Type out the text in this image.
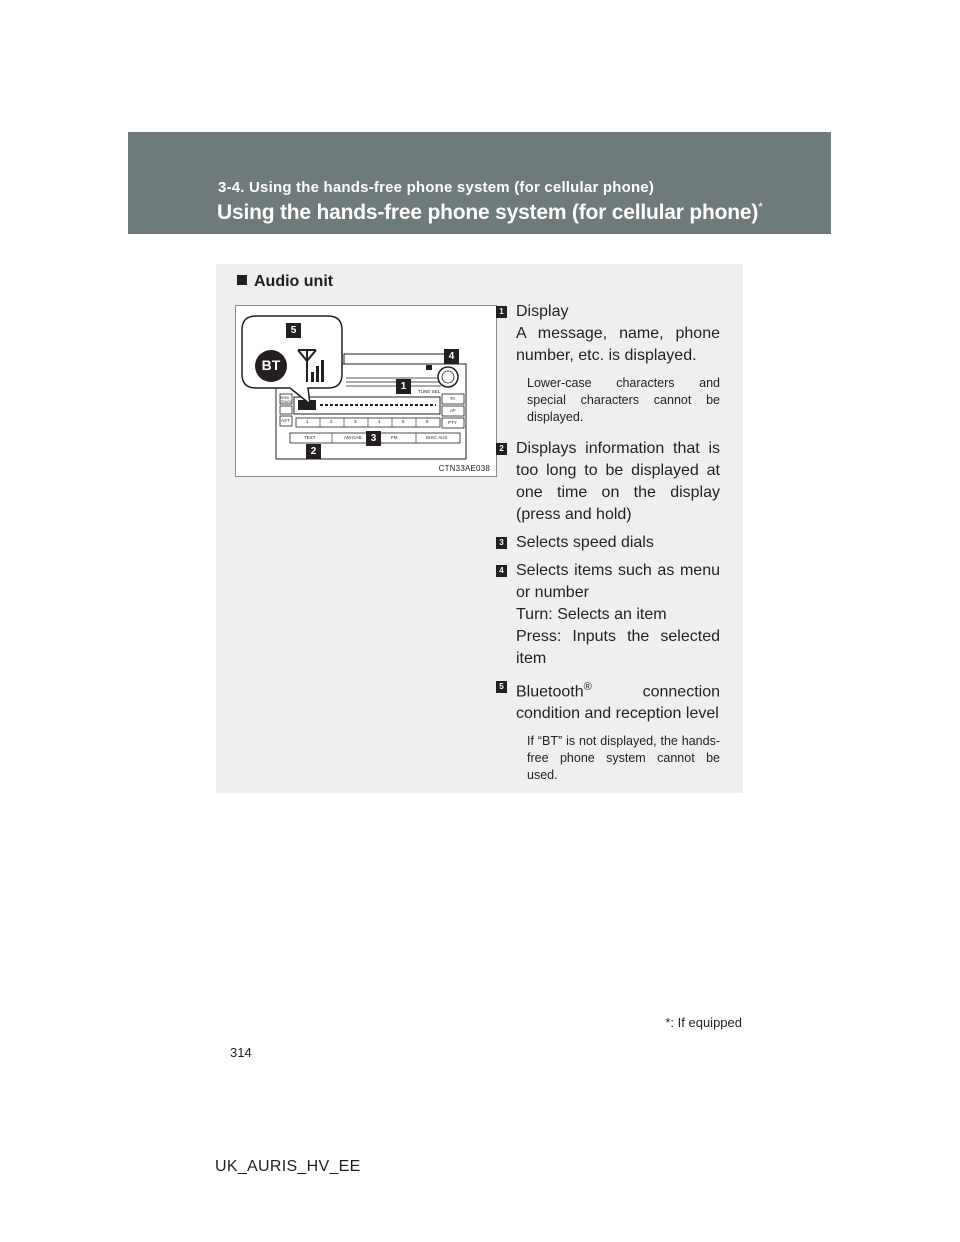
3-4. Using the hands-free phone system (for cellular phone)
Using the hands-free phone system (for cellular phone)*
Audio unit
BT
TUNE·SEL
SEEK TRACK
AST
TA
AF
PTY
TEXT	AM·DAB	FM	DISC·AUX
1	2	3	4	5	6
5
4
1
3
2
CTN33AE038
1 Display
A message, name, phone number, etc. is displayed.
Lower-case characters and special characters cannot be displayed.
2 Displays information that is too long to be displayed at one time on the display (press and hold)
3 Selects speed dials
4 Selects items such as menu or number
Turn: Selects an item
Press: Inputs the selected item
5 Bluetooth® connection condition and reception level
If “BT” is not displayed, the hands-free phone system cannot be used.
*: If equipped
314
UK_AURIS_HV_EE
